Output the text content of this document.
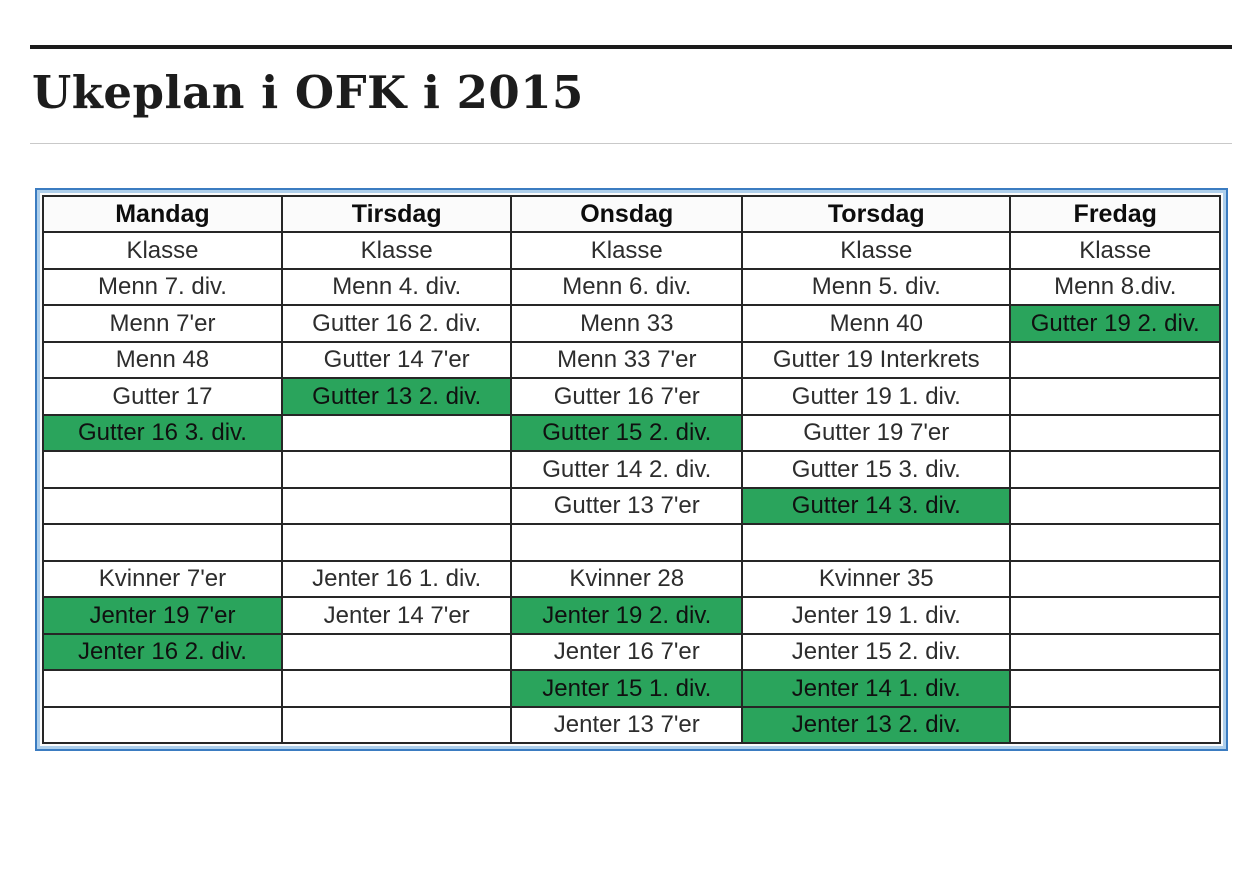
Ukeplan i OFK i 2015
Mandag	Tirsdag	Onsdag	Torsdag	Fredag
Klasse	Klasse	Klasse	Klasse	Klasse
Menn 7. div.	Menn 4. div.	Menn 6. div.	Menn 5. div.	Menn 8.div.
Menn 7'er	Gutter 16 2. div.	Menn 33	Menn 40	Gutter 19 2. div.
Menn 48	Gutter 14 7'er	Menn 33 7'er	Gutter 19 Interkrets	
Gutter 17	Gutter 13 2. div.	Gutter 16 7'er	Gutter 19 1. div.	
Gutter 16 3. div.		Gutter 15 2. div.	Gutter 19 7'er	
		Gutter 14 2. div.	Gutter 15 3. div.	
		Gutter 13 7'er	Gutter 14 3. div.	

Kvinner 7'er	Jenter 16 1. div.	Kvinner 28	Kvinner 35	
Jenter 19 7'er	Jenter 14 7'er	Jenter 19 2. div.	Jenter 19 1. div.	
Jenter 16 2. div.		Jenter 16 7'er	Jenter 15 2. div.	
		Jenter 15 1. div.	Jenter 14 1. div.	
		Jenter 13 7'er	Jenter 13 2. div.	
